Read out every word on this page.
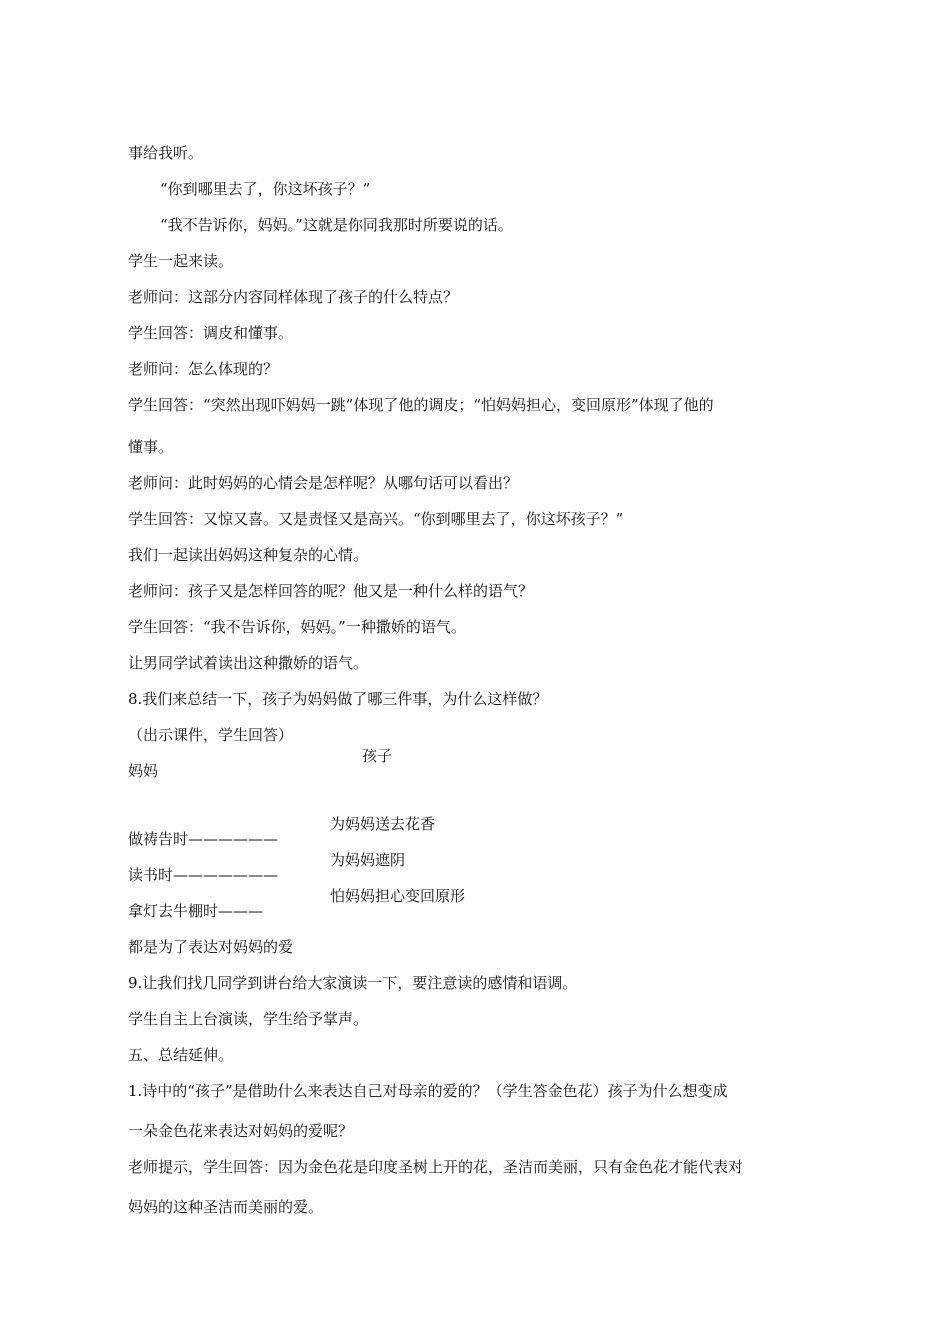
事给我听。

“你到哪里去了，你这坏孩子？”

“我不告诉你，妈妈。”这就是你同我那时所要说的话。

学生一起来读。

老师问：这部分内容同样体现了孩子的什么特点？

学生回答：调皮和懂事。

老师问：怎么体现的？

学生回答：“突然出现吓妈妈一跳”体现了他的调皮；“怕妈妈担心，变回原形”体现了他的

懂事。

老师问：此时妈妈的心情会是怎样呢？从哪句话可以看出？

学生回答：又惊又喜。又是责怪又是高兴。“你到哪里去了，你这坏孩子？”

我们一起读出妈妈这种复杂的心情。

老师问：孩子又是怎样回答的呢？他又是一种什么样的语气？

学生回答：“我不告诉你，妈妈。”一种撒娇的语气。

让男同学试着读出这种撒娇的语气。

8.我们来总结一下，孩子为妈妈做了哪三件事，为什么这样做？

（出示课件，学生回答）

妈妈

孩子

做祷告时——————

为妈妈送去花香

读书时———————

为妈妈遮阴

拿灯去牛棚时———

怕妈妈担心变回原形

都是为了表达对妈妈的爱

9.让我们找几同学到讲台给大家演读一下，要注意读的感情和语调。

学生自主上台演读，学生给予掌声。

五、总结延伸。

1.诗中的“孩子”是借助什么来表达自己对母亲的爱的？（学生答金色花）孩子为什么想变成

一朵金色花来表达对妈妈的爱呢？

老师提示，学生回答：因为金色花是印度圣树上开的花，圣洁而美丽，只有金色花才能代表对

妈妈的这种圣洁而美丽的爱。
